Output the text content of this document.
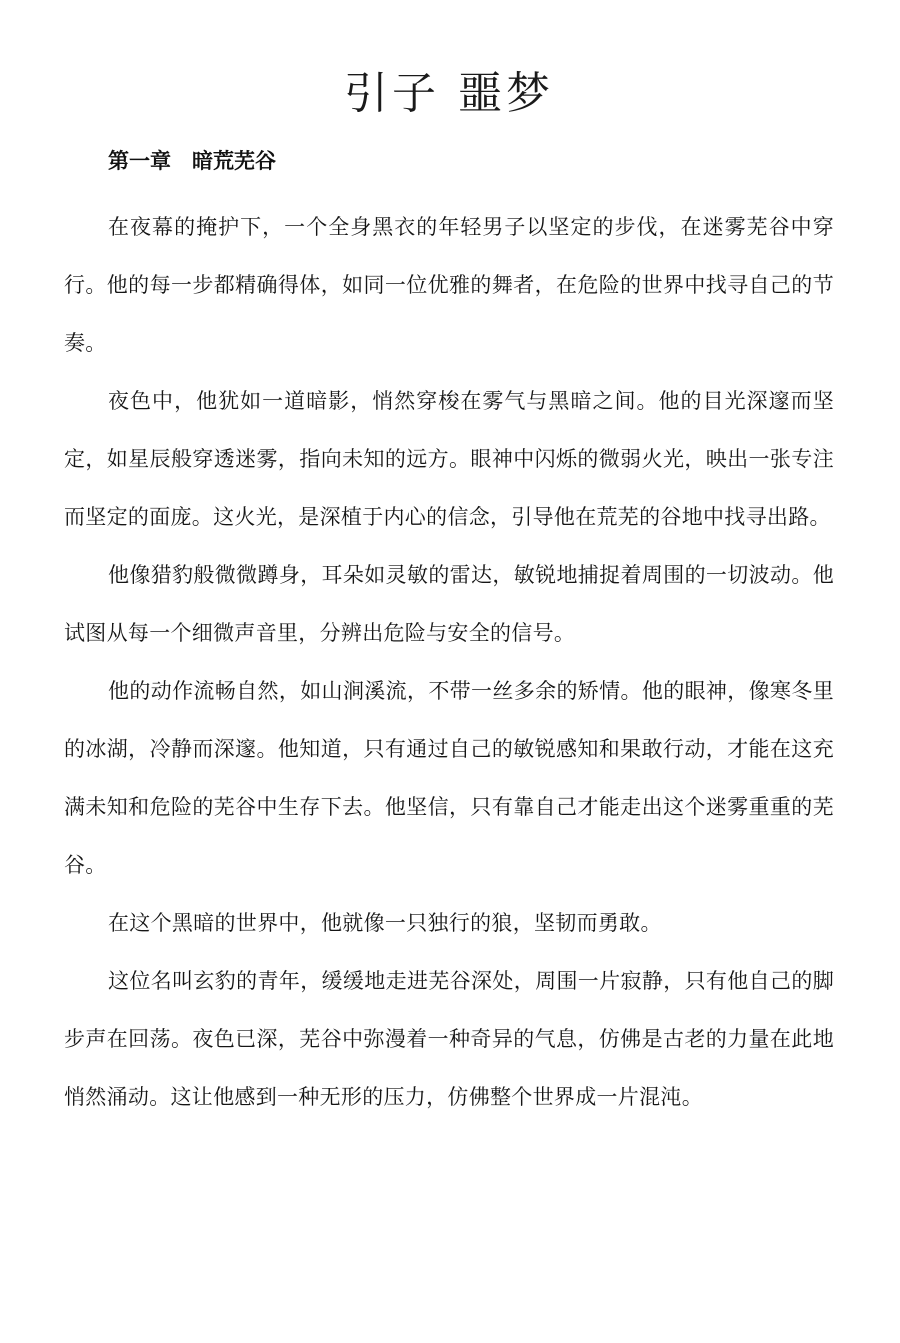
引子 噩梦
第一章　暗荒芜谷

在夜幕的掩护下，一个全身黑衣的年轻男子以坚定的步伐，在迷雾芜谷中穿行。他的每一步都精确得体，如同一位优雅的舞者，在危险的世界中找寻自己的节奏。

夜色中，他犹如一道暗影，悄然穿梭在雾气与黑暗之间。他的目光深邃而坚定，如星辰般穿透迷雾，指向未知的远方。眼神中闪烁的微弱火光，映出一张专注而坚定的面庞。这火光，是深植于内心的信念，引导他在荒芜的谷地中找寻出路。

他像猎豹般微微蹲身，耳朵如灵敏的雷达，敏锐地捕捉着周围的一切波动。他试图从每一个细微声音里，分辨出危险与安全的信号。

他的动作流畅自然，如山涧溪流，不带一丝多余的矫情。他的眼神，像寒冬里的冰湖，冷静而深邃。他知道，只有通过自己的敏锐感知和果敢行动，才能在这充满未知和危险的芜谷中生存下去。他坚信，只有靠自己才能走出这个迷雾重重的芜谷。

在这个黑暗的世界中，他就像一只独行的狼，坚韧而勇敢。

这位名叫玄豹的青年，缓缓地走进芜谷深处，周围一片寂静，只有他自己的脚步声在回荡。夜色已深，芜谷中弥漫着一种奇异的气息，仿佛是古老的力量在此地悄然涌动。这让他感到一种无形的压力，仿佛整个世界成一片混沌。
